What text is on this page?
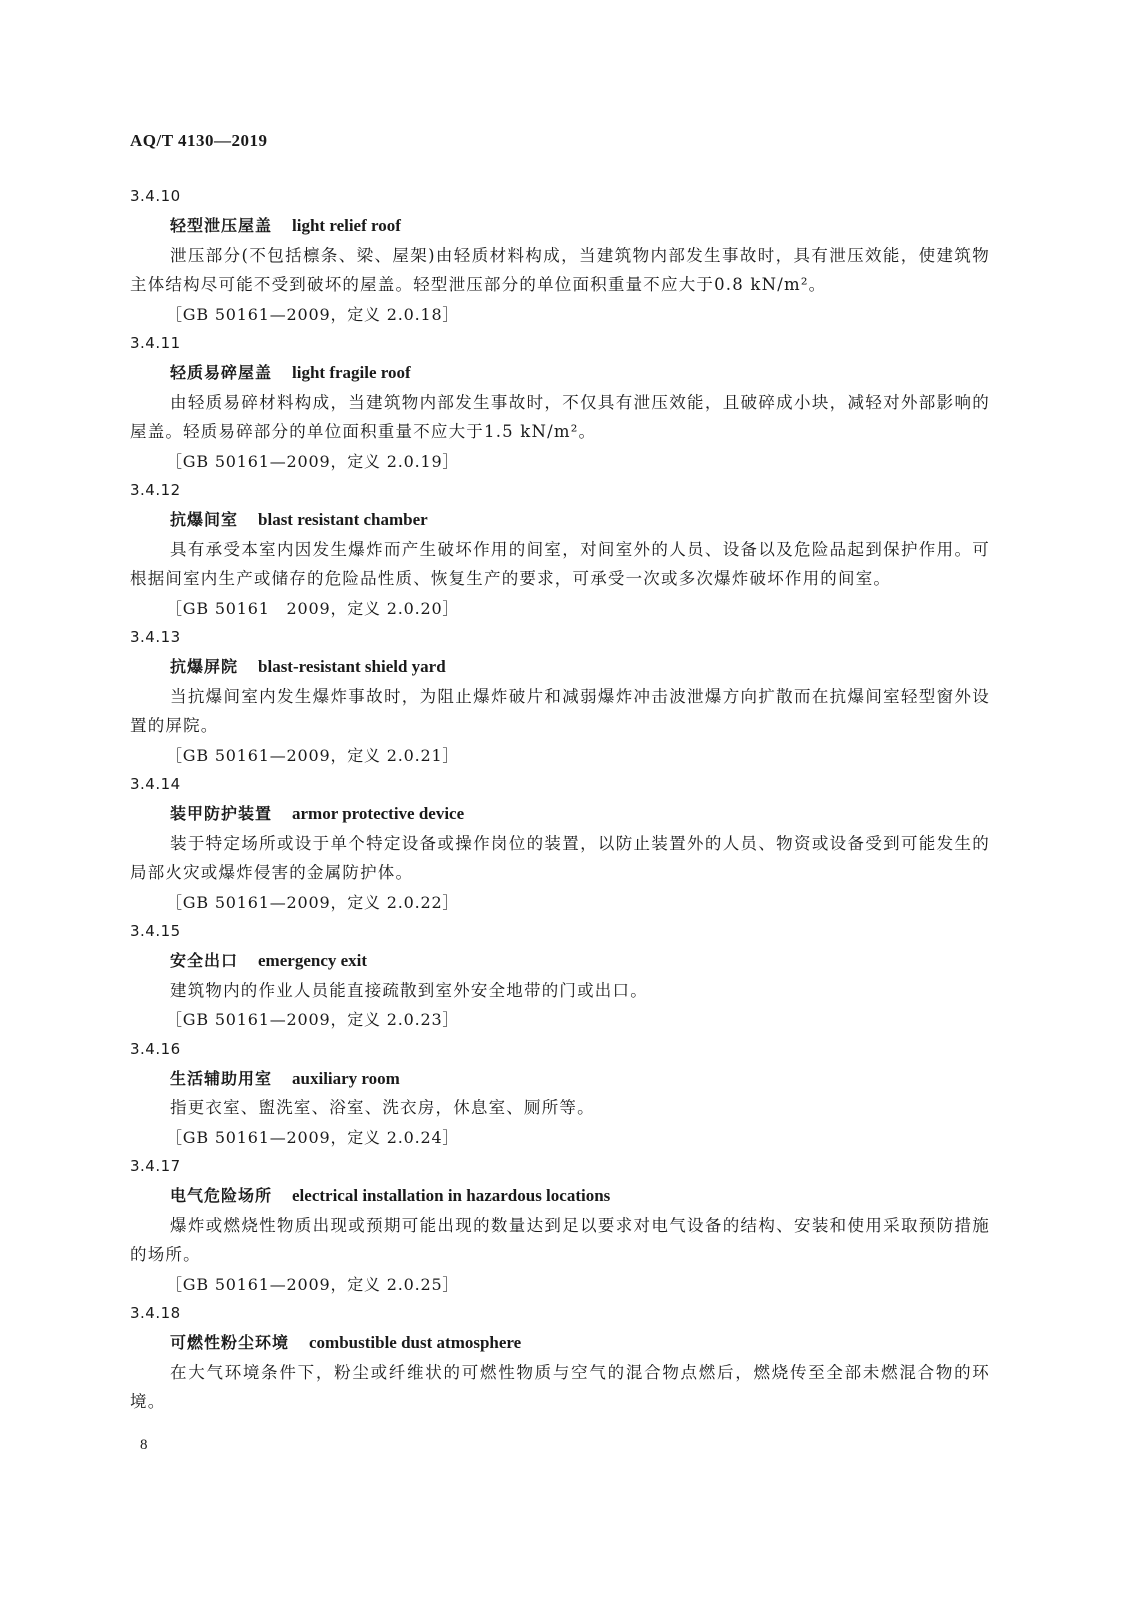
AQ/T 4130—2019
3.4.10
轻型泄压屋盖 light relief roof

泄压部分(不包括檩条、梁、屋架)由轻质材料构成，当建筑物内部发生事故时，具有泄压效能，使建筑物主体结构尽可能不受到破坏的屋盖。轻型泄压部分的单位面积重量不应大于0.8 kN/m²。

［GB 50161—2009，定义 2.0.18］
3.4.11
轻质易碎屋盖 light fragile roof

由轻质易碎材料构成，当建筑物内部发生事故时，不仅具有泄压效能，且破碎成小块，减轻对外部影响的屋盖。轻质易碎部分的单位面积重量不应大于1.5 kN/m²。

［GB 50161—2009，定义 2.0.19］
3.4.12
抗爆间室 blast resistant chamber

具有承受本室内因发生爆炸而产生破坏作用的间室，对间室外的人员、设备以及危险品起到保护作用。可根据间室内生产或储存的危险品性质、恢复生产的要求，可承受一次或多次爆炸破坏作用的间室。

［GB 50161　2009，定义 2.0.20］
3.4.13
抗爆屏院 blast-resistant shield yard

当抗爆间室内发生爆炸事故时，为阻止爆炸破片和减弱爆炸冲击波泄爆方向扩散而在抗爆间室轻型窗外设置的屏院。

［GB 50161—2009，定义 2.0.21］
3.4.14
装甲防护装置 armor protective device

装于特定场所或设于单个特定设备或操作岗位的装置，以防止装置外的人员、物资或设备受到可能发生的局部火灾或爆炸侵害的金属防护体。

［GB 50161—2009，定义 2.0.22］
3.4.15
安全出口 emergency exit

建筑物内的作业人员能直接疏散到室外安全地带的门或出口。

［GB 50161—2009，定义 2.0.23］
3.4.16
生活辅助用室 auxiliary room

指更衣室、盥洗室、浴室、洗衣房，休息室、厕所等。

［GB 50161—2009，定义 2.0.24］
3.4.17
电气危险场所 electrical installation in hazardous locations

爆炸或燃烧性物质出现或预期可能出现的数量达到足以要求对电气设备的结构、安装和使用采取预防措施的场所。

［GB 50161—2009，定义 2.0.25］
3.4.18
可燃性粉尘环境 combustible dust atmosphere

在大气环境条件下，粉尘或纤维状的可燃性物质与空气的混合物点燃后，燃烧传至全部未燃混合物的环境。

8
